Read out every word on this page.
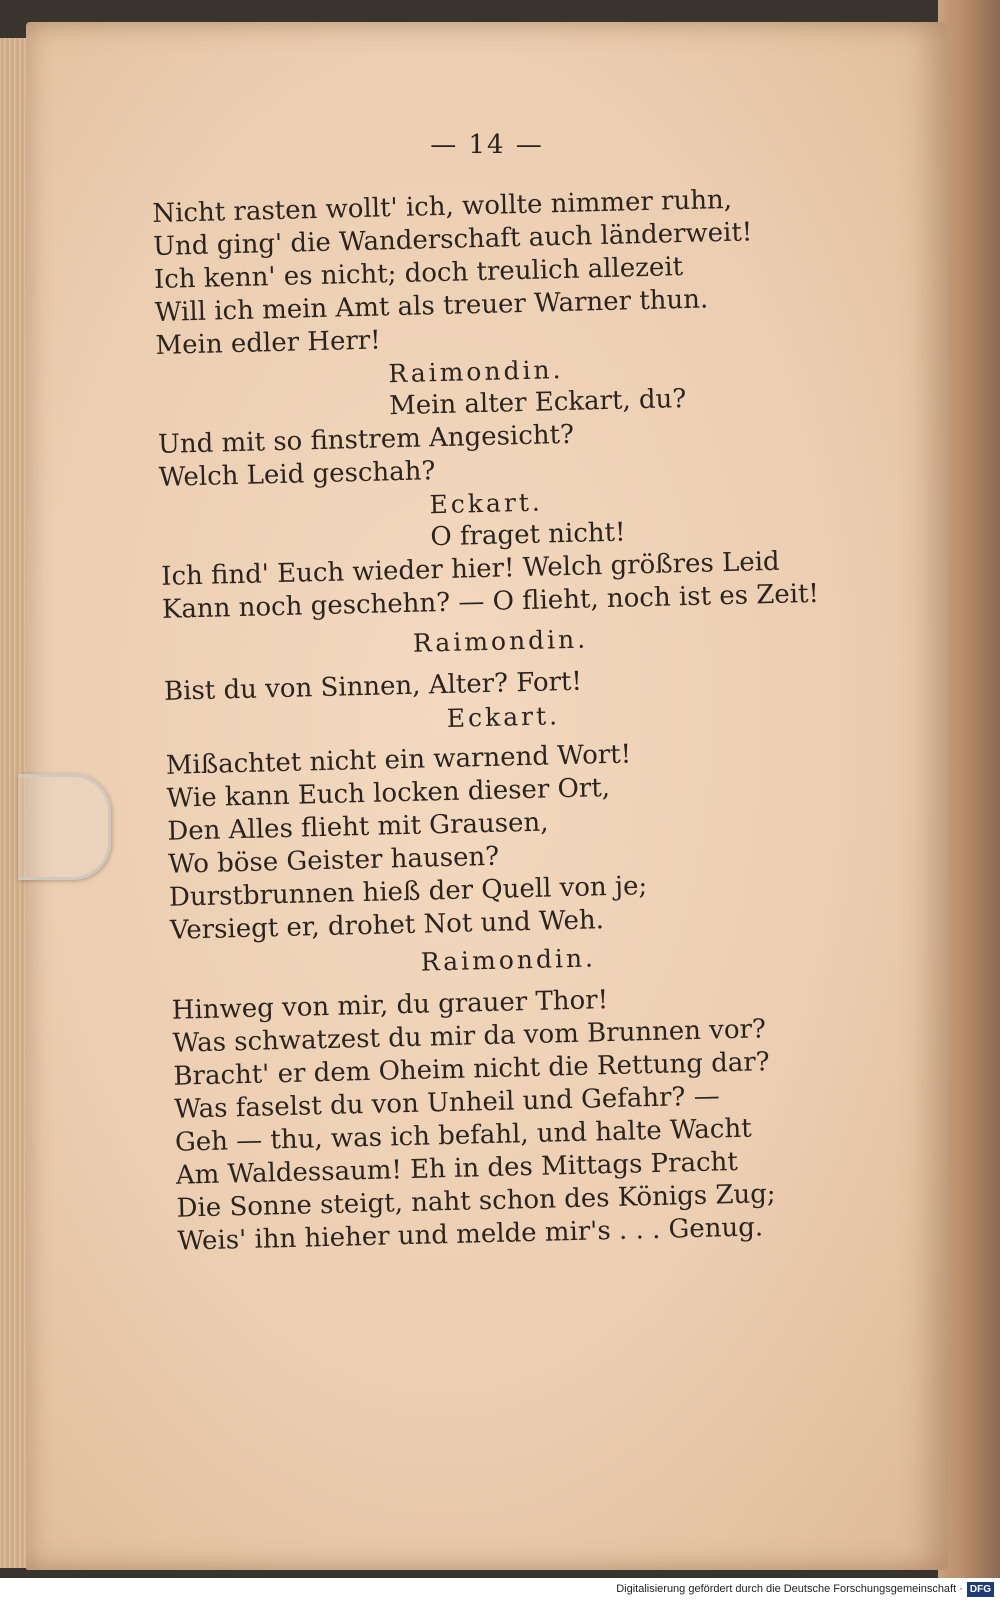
— 14 —
Nicht rasten wollt' ich, wollte nimmer ruhn,
Und ging' die Wanderschaft auch länderweit!
Ich kenn' es nicht; doch treulich allezeit
Will ich mein Amt als treuer Warner thun.
Mein edler Herr!
Raimondin.
Mein alter Eckart, du?
Und mit so finstrem Angesicht?
Welch Leid geschah?
Eckart.
O fraget nicht!
Ich find' Euch wieder hier! Welch größres Leid
Kann noch geschehn? — O flieht, noch ist es Zeit!
Raimondin.
Bist du von Sinnen, Alter? Fort!
Eckart.
Mißachtet nicht ein warnend Wort!
Wie kann Euch locken dieser Ort,
Den Alles flieht mit Grausen,
Wo böse Geister hausen?
Durstbrunnen hieß der Quell von je;
Versiegt er, drohet Not und Weh.
Raimondin.
Hinweg von mir, du grauer Thor!
Was schwatzest du mir da vom Brunnen vor?
Bracht' er dem Oheim nicht die Rettung dar?
Was faselst du von Unheil und Gefahr? —
Geh — thu, was ich befahl, und halte Wacht
Am Waldessaum! Eh in des Mittags Pracht
Die Sonne steigt, naht schon des Königs Zug;
Weis' ihn hieher und melde mir's . . . Genug.
Digitalisierung gefördert durch die Deutsche Forschungsgemeinschaft · DFG
